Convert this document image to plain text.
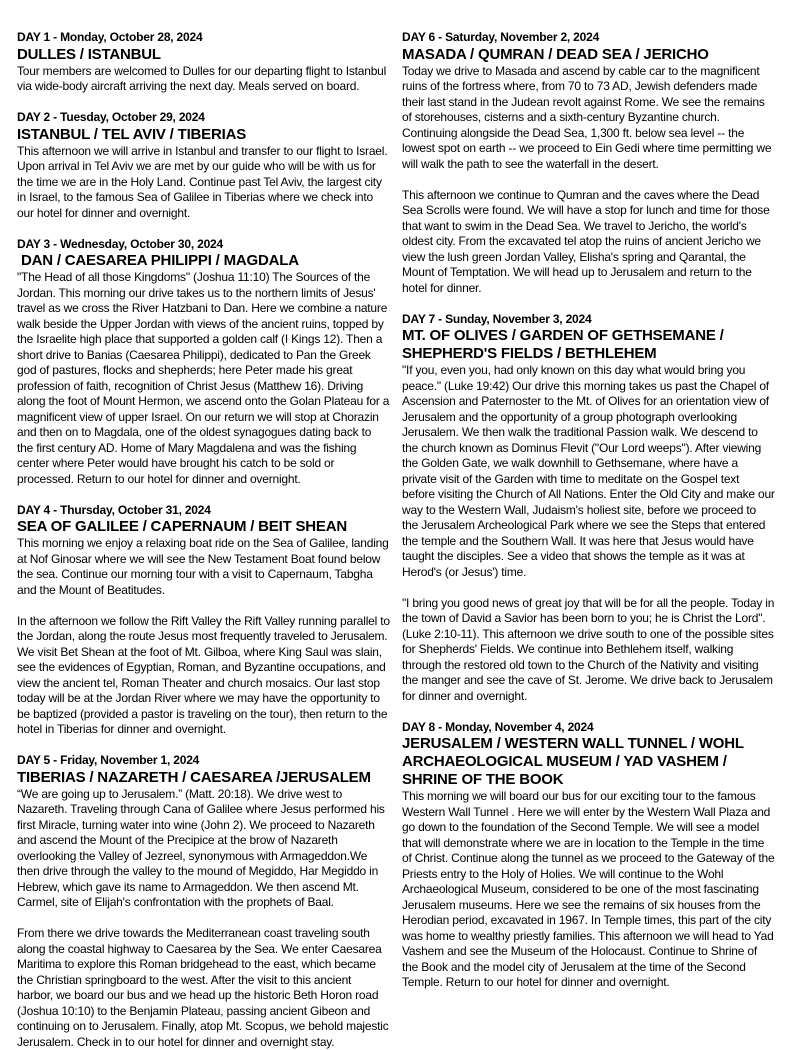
DAY 1 - Monday, October 28, 2024
DULLES / ISTANBUL

Tour members are welcomed to Dulles for our departing flight to Istanbul via wide-body aircraft arriving the next day. Meals served on board.

DAY 2 - Tuesday, October 29, 2024
ISTANBUL / TEL AVIV / TIBERIAS

This afternoon we will arrive in Istanbul and transfer to our flight to Israel. Upon arrival in Tel Aviv we are met by our guide who will be with us for the time we are in the Holy Land. Continue past Tel Aviv, the largest city in Israel, to the famous Sea of Galilee in Tiberias where we check into our hotel for dinner and overnight.

DAY 3 - Wednesday, October 30, 2024
DAN / CAESAREA PHILIPPI / MAGDALA

"The Head of all those Kingdoms" (Joshua 11:10) The Sources of the Jordan. This morning our drive takes us to the northern limits of Jesus' travel as we cross the River Hatzbani to Dan. Here we combine a nature walk beside the Upper Jordan with views of the ancient ruins, topped by the Israelite high place that supported a golden calf (I Kings 12). Then a short drive to Banias (Caesarea Philippi), dedicated to Pan the Greek god of pastures, flocks and shepherds; here Peter made his great profession of faith, recognition of Christ Jesus (Matthew 16). Driving along the foot of Mount Hermon, we ascend onto the Golan Plateau for a magnificent view of upper Israel. On our return we will stop at Chorazin and then on to Magdala, one of the oldest synagogues dating back to the first century AD. Home of Mary Magdalena and was the fishing center where Peter would have brought his catch to be sold or processed. Return to our hotel for dinner and overnight.

DAY 4 - Thursday, October 31, 2024
SEA OF GALILEE / CAPERNAUM / BEIT SHEAN

This morning we enjoy a relaxing boat ride on the Sea of Galilee, landing at Nof Ginosar where we will see the New Testament Boat found below the sea. Continue our morning tour with a visit to Capernaum, Tabgha and the Mount of Beatitudes.

In the afternoon we follow the Rift Valley the Rift Valley running parallel to the Jordan, along the route Jesus most frequently traveled to Jerusalem. We visit Bet Shean at the foot of Mt. Gilboa, where King Saul was slain, see the evidences of Egyptian, Roman, and Byzantine occupations, and view the ancient tel, Roman Theater and church mosaics. Our last stop today will be at the Jordan River where we may have the opportunity to be baptized (provided a pastor is traveling on the tour), then return to the hotel in Tiberias for dinner and overnight.

DAY 5 - Friday, November 1, 2024
TIBERIAS / NAZARETH / CAESAREA /JERUSALEM

“We are going up to Jerusalem.” (Matt. 20:18). We drive west to Nazareth. Traveling through Cana of Galilee where Jesus performed his first Miracle, turning water into wine (John 2). We proceed to Nazareth and ascend the Mount of the Precipice at the brow of Nazareth overlooking the Valley of Jezreel, synonymous with Armageddon.We then drive through the valley to the mound of Megiddo, Har Megiddo in Hebrew, which gave its name to Armageddon. We then ascend Mt. Carmel, site of Elijah's confrontation with the prophets of Baal.

From there we drive towards the Mediterranean coast traveling south along the coastal highway to Caesarea by the Sea. We enter Caesarea Maritima to explore this Roman bridgehead to the east, which became the Christian springboard to the west. After the visit to this ancient harbor, we board our bus and we head up the historic Beth Horon road (Joshua 10:10) to the Benjamin Plateau, passing ancient Gibeon and continuing on to Jerusalem. Finally, atop Mt. Scopus, we behold majestic Jerusalem. Check in to our hotel for dinner and overnight stay.

DAY 6 - Saturday, November 2, 2024
MASADA / QUMRAN / DEAD SEA / JERICHO

Today we drive to Masada and ascend by cable car to the magnificent ruins of the fortress where, from 70 to 73 AD, Jewish defenders made their last stand in the Judean revolt against Rome. We see the remains of storehouses, cisterns and a sixth-century Byzantine church. Continuing alongside the Dead Sea, 1,300 ft. below sea level -- the lowest spot on earth -- we proceed to Ein Gedi where time permitting we will walk the path to see the waterfall in the desert.

This afternoon we continue to Qumran and the caves where the Dead Sea Scrolls were found. We will have a stop for lunch and time for those that want to swim in the Dead Sea. We travel to Jericho, the world's oldest city. From the excavated tel atop the ruins of ancient Jericho we view the lush green Jordan Valley, Elisha's spring and Qarantal, the Mount of Temptation. We will head up to Jerusalem and return to the hotel for dinner.

DAY 7 - Sunday, November 3, 2024
MT. OF OLIVES / GARDEN OF GETHSEMANE / SHEPHERD'S FIELDS / BETHLEHEM

"If you, even you, had only known on this day what would bring you peace." (Luke 19:42) Our drive this morning takes us past the Chapel of Ascension and Paternoster to the Mt. of Olives for an orientation view of Jerusalem and the opportunity of a group photograph overlooking Jerusalem. We then walk the traditional Passion walk. We descend to the church known as Dominus Flevit ("Our Lord weeps"). After viewing the Golden Gate, we walk downhill to Gethsemane, where have a private visit of the Garden with time to meditate on the Gospel text before visiting the Church of All Nations. Enter the Old City and make our way to the Western Wall, Judaism's holiest site, before we proceed to the Jerusalem Archeological Park where we see the Steps that entered the temple and the Southern Wall. It was here that Jesus would have taught the disciples. See a video that shows the temple as it was at Herod's (or Jesus') time.

"I bring you good news of great joy that will be for all the people. Today in the town of David a Savior has been born to you; he is Christ the Lord". (Luke 2:10-11). This afternoon we drive south to one of the possible sites for Shepherds' Fields. We continue into Bethlehem itself, walking through the restored old town to the Church of the Nativity and visiting the manger and see the cave of St. Jerome. We drive back to Jerusalem for dinner and overnight.

DAY 8 - Monday, November 4, 2024
JERUSALEM / WESTERN WALL TUNNEL / WOHL ARCHAEOLOGICAL MUSEUM / YAD VASHEM / SHRINE OF THE BOOK

This morning we will board our bus for our exciting tour to the famous Western Wall Tunnel . Here we will enter by the Western Wall Plaza and go down to the foundation of the Second Temple. We will see a model that will demonstrate where we are in location to the Temple in the time of Christ. Continue along the tunnel as we proceed to the Gateway of the Priests entry to the Holy of Holies. We will continue to the Wohl Archaeological Museum, considered to be one of the most fascinating Jerusalem museums. Here we see the remains of six houses from the Herodian period, excavated in 1967. In Temple times, this part of the city was home to wealthy priestly families. This afternoon we will head to Yad Vashem and see the Museum of the Holocaust. Continue to Shrine of the Book and the model city of Jerusalem at the time of the Second Temple. Return to our hotel for dinner and overnight.
